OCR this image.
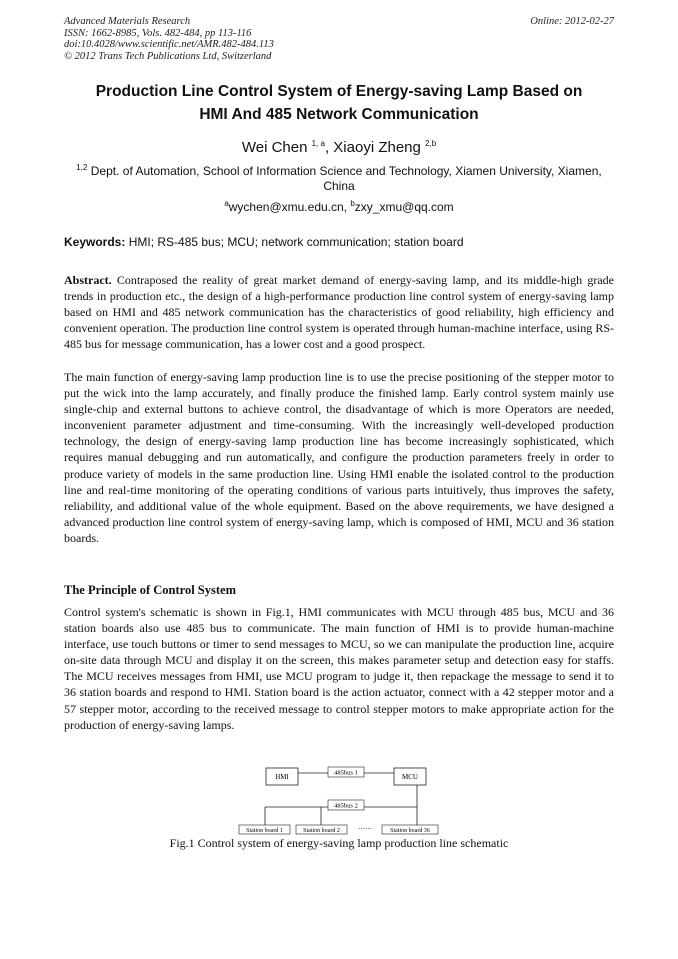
Advanced Materials Research
ISSN: 1662-8985, Vols. 482-484, pp 113-116
doi:10.4028/www.scientific.net/AMR.482-484.113
© 2012 Trans Tech Publications Ltd, Switzerland
Online: 2012-02-27
Production Line Control System of Energy-saving Lamp Based on
HMI And 485 Network Communication
Wei Chen $^{1, a}$, Xiaoyi Zheng $^{2,b}$
$^{1,2}$ Dept. of Automation, School of Information Science and Technology, Xiamen University, Xiamen, China
$^a$wychen@xmu.edu.cn, $^b$zxy_xmu@qq.com
Keywords: HMI; RS-485 bus; MCU; network communication; station board

Abstract. Contraposed the reality of great market demand of energy-saving lamp, and its middle-high grade trends in production etc., the design of a high-performance production line control system of energy-saving lamp based on HMI and 485 network communication has the characteristics of good reliability, high efficiency and convenient operation. The production line control system is operated through human-machine interface, using RS-485 bus for message communication, has a lower cost and a good prospect.

The main function of energy-saving lamp production line is to use the precise positioning of the stepper motor to put the wick into the lamp accurately, and finally produce the finished lamp. Early control system mainly use single-chip and external buttons to achieve control, the disadvantage of which is more Operators are needed, inconvenient parameter adjustment and time-consuming. With the increasingly well-developed production technology, the design of energy-saving lamp production line has become increasingly sophisticated, which requires manual debugging and run automatically, and configure the production parameters freely in order to produce variety of models in the same production line. Using HMI enable the isolated control to the production line and real-time monitoring of the operating conditions of various parts intuitively, thus improves the safety, reliability, and additional value of the whole equipment. Based on the above requirements, we have designed a advanced production line control system of energy-saving lamp, which is composed of HMI, MCU and 36 station boards.

The Principle of Control System

Control system's schematic is shown in Fig.1, HMI communicates with MCU through 485 bus, MCU and 36 station boards also use 485 bus to communicate. The main function of HMI is to provide human-machine interface, use touch buttons or timer to send messages to MCU, so we can manipulate the production line, acquire on-site data through MCU and display it on the screen, this makes parameter setup and detection easy for staffs. The MCU receives messages from HMI, use MCU program to judge it, then repackage the message to send it to 36 station boards and respond to HMI. Station board is the action actuator, connect with a 42 stepper motor and a 57 stepper motor, according to the received message to control stepper motors to make appropriate action for the production of energy-saving lamps.

HMI	MCU
485bus 1
485bus 2
Station board 1	Station board 2	······	Station board 36
Fig.1 Control system of energy-saving lamp production line schematic
